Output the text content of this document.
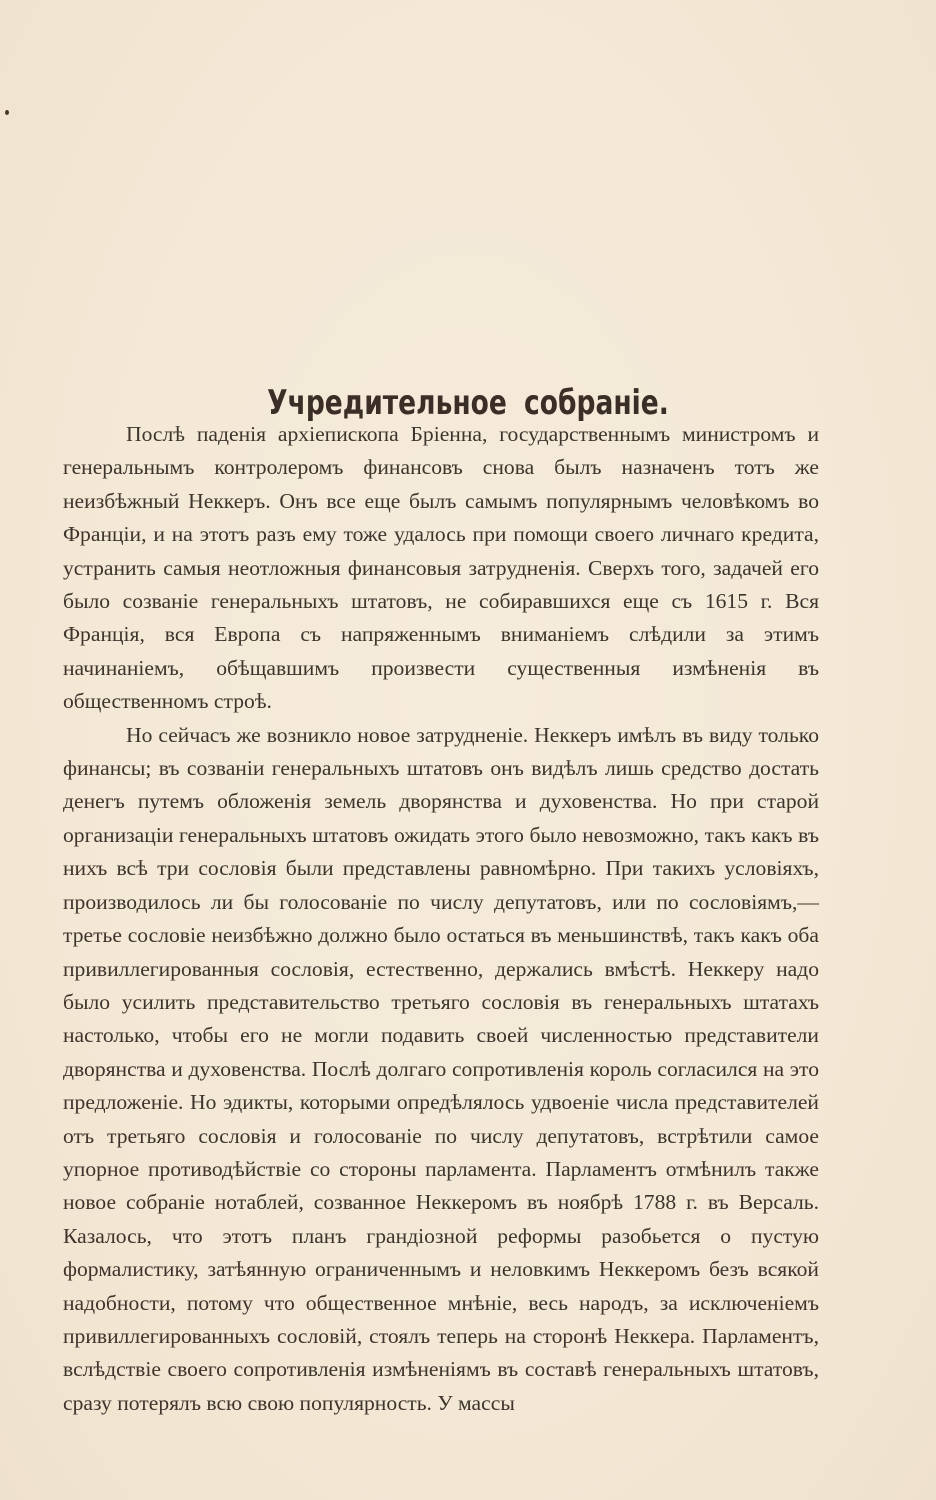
Учредительное собраніе.

Послѣ паденія архіепископа Бріенна, государственнымъ министромъ и генеральнымъ контролеромъ финансовъ снова былъ назначенъ тотъ же неизбѣжный Неккеръ. Онъ все еще былъ самымъ популярнымъ человѣкомъ во Франціи, и на этотъ разъ ему тоже удалось при помощи своего личнаго кредита, устранить самыя неотложныя финансовыя затрудненія. Сверхъ того, задачей его было созваніе генеральныхъ штатовъ, не собиравшихся еще съ 1615 г. Вся Франція, вся Европа съ напряженнымъ вниманіемъ слѣдили за этимъ начинаніемъ, обѣщавшимъ произвести существенныя измѣненія въ общественномъ строѣ.

Но сейчасъ же возникло новое затрудненіе. Неккеръ имѣлъ въ виду только финансы; въ созваніи генеральныхъ штатовъ онъ видѣлъ лишь средство достать денегъ путемъ обложенія земель дворянства и духовенства. Но при старой организаціи генеральныхъ штатовъ ожидать этого было невозможно, такъ какъ въ нихъ всѣ три сословія были представлены равномѣрно. При такихъ условіяхъ, производилось ли бы голосованіе по числу депутатовъ, или по сословіямъ,—третье сословіе неизбѣжно должно было остаться въ меньшинствѣ, такъ какъ оба привиллегированныя сословія, естественно, держались вмѣстѣ. Неккеру надо было усилить представительство третьяго сословія въ генеральныхъ штатахъ настолько, чтобы его не могли подавить своей численностью представители дворянства и духовенства. Послѣ долгаго сопротивленія король согласился на это предложеніе. Но эдикты, которыми опредѣлялось удвоеніе числа представителей отъ третьяго сословія и голосованіе по числу депутатовъ, встрѣтили самое упорное противодѣйствіе со стороны парламента. Парламентъ отмѣнилъ также новое собраніе нотаблей, созванное Неккеромъ въ ноябрѣ 1788 г. въ Версаль. Казалось, что этотъ планъ грандіозной реформы разобьется о пустую формалистику, затѣянную ограниченнымъ и неловкимъ Неккеромъ безъ всякой надобности, потому что общественное мнѣніе, весь народъ, за исключеніемъ привиллегированныхъ сословій, стоялъ теперь на сторонѣ Неккера. Парламентъ, вслѣдствіе своего сопротивленія измѣненіямъ въ составѣ генеральныхъ штатовъ, сразу потерялъ всю свою популярность. У массы
